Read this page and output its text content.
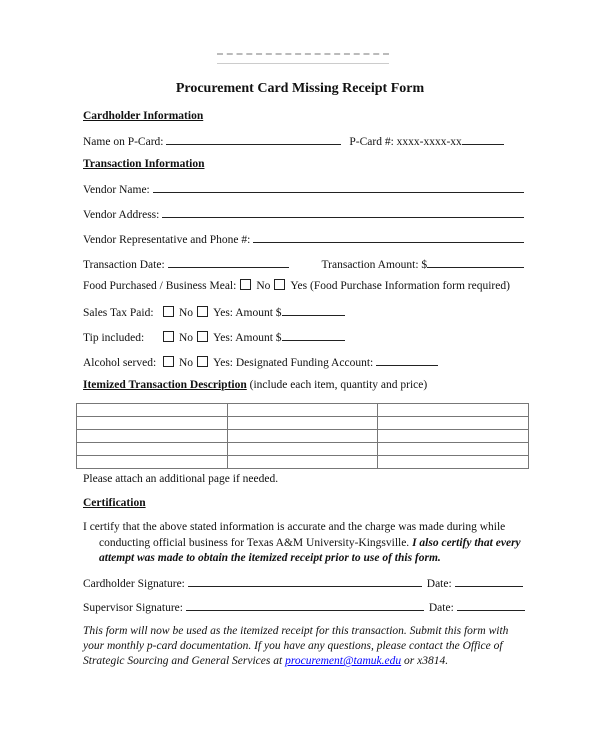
Procurement Card Missing Receipt Form
Cardholder Information
Name on P-Card:	P-Card #: xxxx-xxxx-xx
Transaction Information
Vendor Name:
Vendor Address:
Vendor Representative and Phone #:
Transaction Date:	Transaction Amount: $
Food Purchased / Business Meal: No Yes (Food Purchase Information form required)
Sales Tax Paid: No Yes: Amount $
Tip included:	No Yes: Amount $
Alcohol served: No Yes: Designated Funding Account:
Itemized Transaction Description (include each item, quantity and price)

Please attach an additional page if needed.
Certification
I certify that the above stated information is accurate and the charge was made during while
conducting official business for Texas A&M University-Kingsville. I also certify that every
attempt was made to obtain the itemized receipt prior to use of this form.
Cardholder Signature:	Date:
Supervisor Signature:	Date:
This form will now be used as the itemized receipt for this transaction. Submit this form with
your monthly p-card documentation. If you have any questions, please contact the Office of
Strategic Sourcing and General Services at procurement@tamuk.edu or x3814.
